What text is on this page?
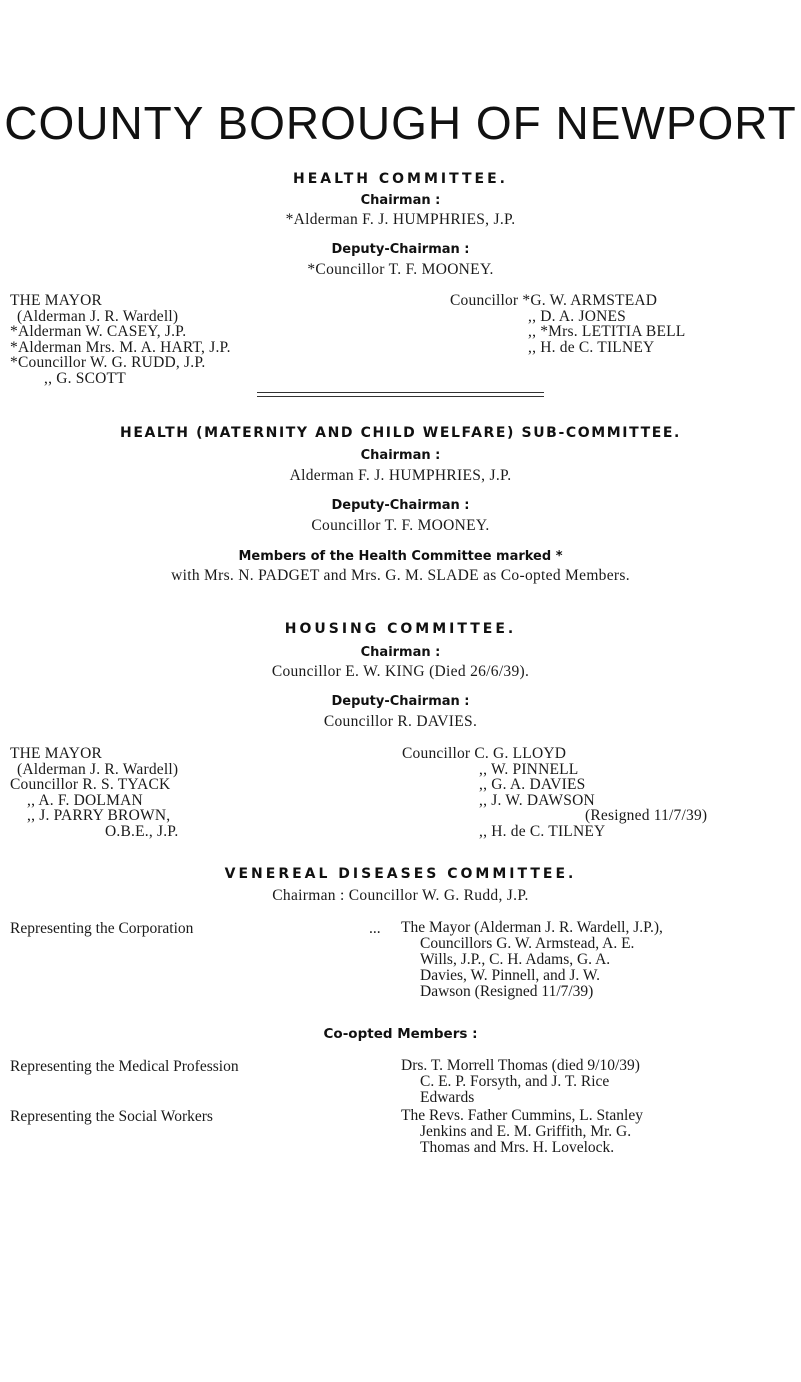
COUNTY BOROUGH OF NEWPORT
HEALTH COMMITTEE.
Chairman :
*Alderman F. J. HUMPHRIES, J.P.
Deputy-Chairman :
*Councillor T. F. MOONEY.
THE MAYOR
(Alderman J. R. Wardell)
*Alderman W. CASEY, J.P.
*Alderman Mrs. M. A. HART, J.P.
*Councillor W. G. RUDD, J.P.
,, G. SCOTT
Councillor *G. W. ARMSTEAD
,, D. A. JONES
,, *Mrs. LETITIA BELL
,, H. de C. TILNEY
HEALTH (MATERNITY AND CHILD WELFARE) SUB-COMMITTEE.
Chairman :
Alderman F. J. HUMPHRIES, J.P.
Deputy-Chairman :
Councillor T. F. MOONEY.
Members of the Health Committee marked *
with Mrs. N. PADGET and Mrs. G. M. SLADE as Co-opted Members.
HOUSING COMMITTEE.
Chairman :
Councillor E. W. KING (Died 26/6/39).
Deputy-Chairman :
Councillor R. DAVIES.
THE MAYOR
(Alderman J. R. Wardell)
Councillor R. S. TYACK
,, A. F. DOLMAN
,, J. PARRY BROWN,
O.B.E., J.P.
Councillor C. G. LLOYD
,, W. PINNELL
,, G. A. DAVIES
,, J. W. DAWSON
(Resigned 11/7/39)
,, H. de C. TILNEY
VENEREAL DISEASES COMMITTEE.
Chairman : Councillor W. G. Rudd, J.P.
Representing the Corporation	... The Mayor (Alderman J. R. Wardell, J.P.),
Councillors G. W. Armstead, A. E.
Wills, J.P., C. H. Adams, G. A.
Davies, W. Pinnell, and J. W.
Dawson (Resigned 11/7/39)
Co-opted Members :
Representing the Medical Profession	Drs. T. Morrell Thomas (died 9/10/39)
C. E. P. Forsyth, and J. T. Rice
Edwards
Representing the Social Workers	The Revs. Father Cummins, L. Stanley
Jenkins and E. M. Griffith, Mr. G.
Thomas and Mrs. H. Lovelock.
